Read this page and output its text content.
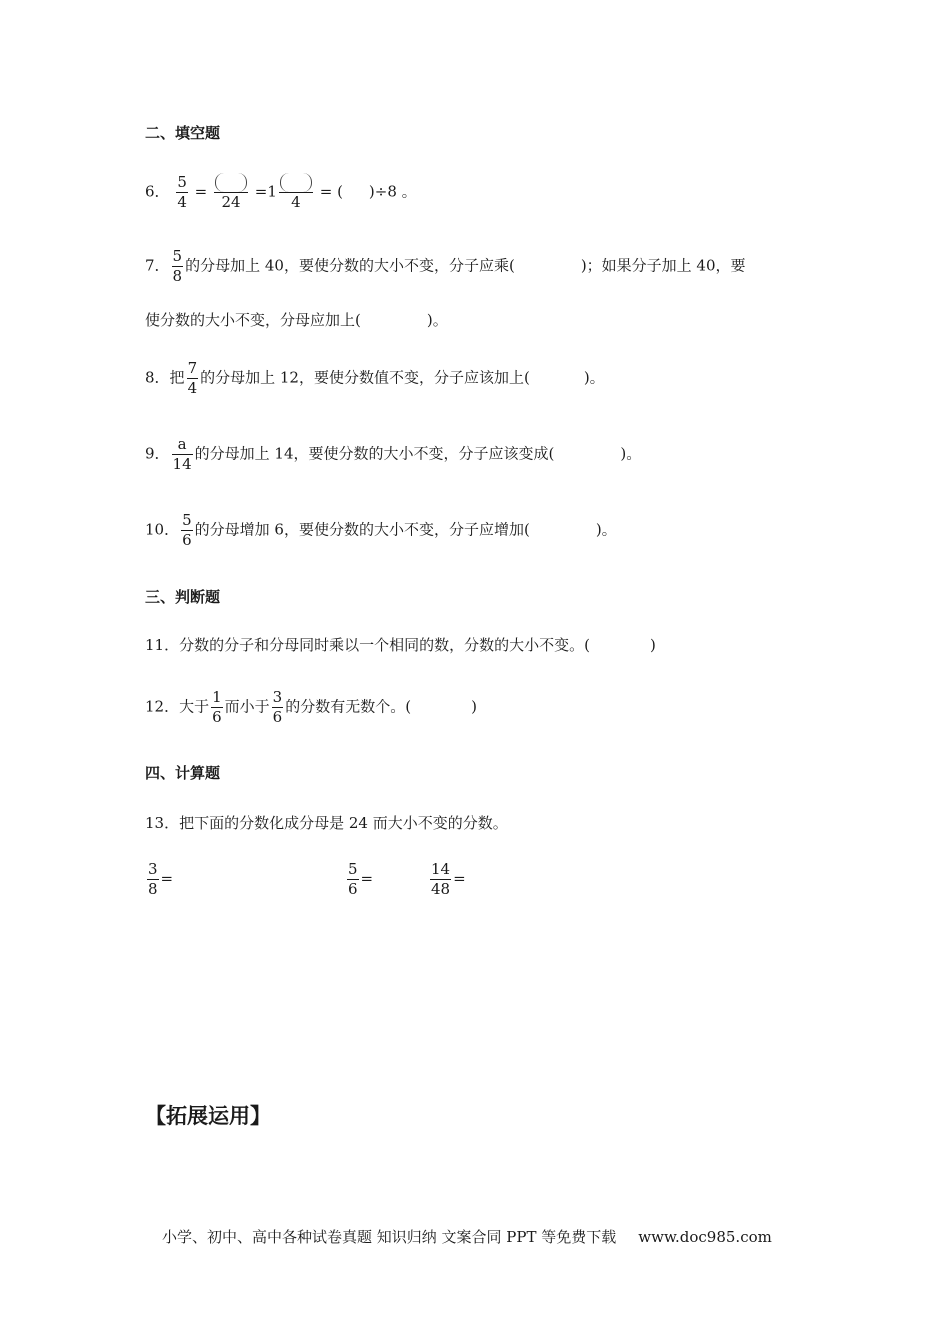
二、填空题
6． $\frac{5}{4}$ =
24
=1
4
= ( )÷8 。
7． $\frac{5}{8}$ 的分母加上 40，要使分数的大小不变，分子应乘(	)；如果分子加上 40，要
使分数的大小不变，分母应加上(	)。
8．把 $\frac{7}{4}$ 的分母加上 12，要使分数值不变，分子应该加上(	)。
9． $\frac{a}{14}$ 的分母加上 14，要使分数的大小不变，分子应该变成(	)。
10． $\frac{5}{6}$ 的分母增加 6，要使分数的大小不变，分子应增加(	)。
三、判断题
11．分数的分子和分母同时乘以一个相同的数，分数的大小不变。(	)
12．大于 $\frac{1}{6}$ 而小于 $\frac{3}{6}$ 的分数有无数个。(	)
四、计算题
13．把下面的分数化成分母是 24 而大小不变的分数。
$\frac{3}{8}$ =	$\frac{5}{6}$ =	$\frac{14}{48}$ =
【拓展运用】
小学、初中、高中各种试卷真题 知识归纳 文案合同 PPT 等免费下载 www.doc985.com
